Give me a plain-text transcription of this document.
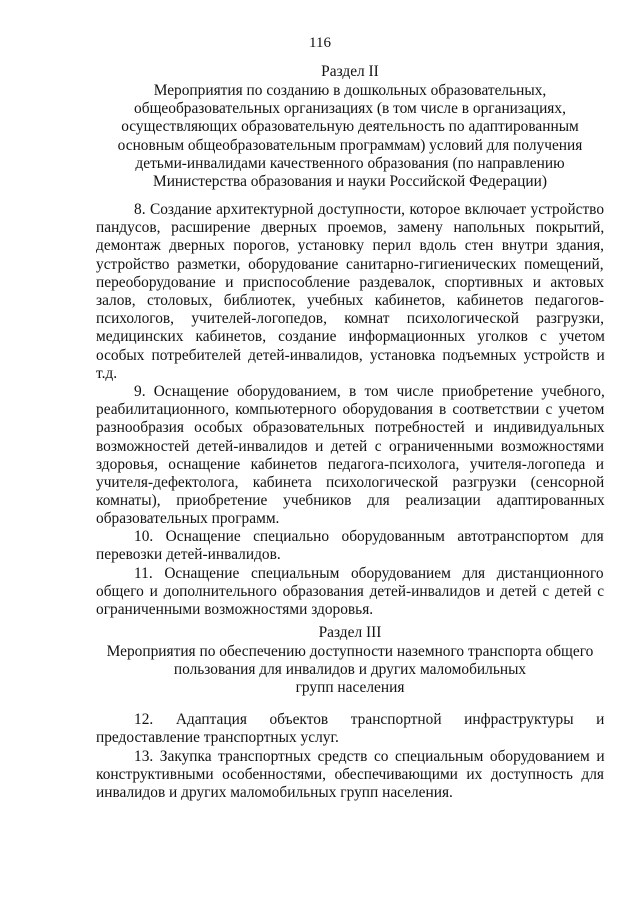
116
Раздел II
Мероприятия по созданию в дошкольных образовательных,
общеобразовательных организациях (в том числе в организациях,
осуществляющих образовательную деятельность по адаптированным
основным общеобразовательным программам) условий для получения
детьми-инвалидами качественного образования (по направлению
Министерства образования и науки Российской Федерации)
8. Создание архитектурной доступности, которое включает устройство
пандусов, расширение дверных проемов, замену напольных покрытий,
демонтаж дверных порогов, установку перил вдоль стен внутри здания,
устройство разметки, оборудование санитарно-гигиенических помещений,
переоборудование и приспособление раздевалок, спортивных и актовых
залов, столовых, библиотек, учебных кабинетов, кабинетов педагогов-
психологов, учителей-логопедов, комнат психологической разгрузки,
медицинских кабинетов, создание информационных уголков с учетом
особых потребителей детей-инвалидов, установка подъемных устройств и
т.д.
9. Оснащение оборудованием, в том числе приобретение учебного,
реабилитационного, компьютерного оборудования в соответствии с учетом
разнообразия особых образовательных потребностей и индивидуальных
возможностей детей-инвалидов и детей с ограниченными возможностями
здоровья, оснащение кабинетов педагога-психолога, учителя-логопеда и
учителя-дефектолога, кабинета психологической разгрузки (сенсорной
комнаты), приобретение учебников для реализации адаптированных
образовательных программ.
10. Оснащение специально оборудованным автотранспортом для
перевозки детей-инвалидов.
11. Оснащение специальным оборудованием для дистанционного
общего и дополнительного образования детей-инвалидов и детей с детей с
ограниченными возможностями здоровья.
Раздел III
Мероприятия по обеспечению доступности наземного транспорта общего
пользования для инвалидов и других маломобильных
групп населения
12. Адаптация объектов транспортной инфраструктуры и
предоставление транспортных услуг.
13. Закупка транспортных средств со специальным оборудованием и
конструктивными особенностями, обеспечивающими их доступность для
инвалидов и других маломобильных групп населения.
